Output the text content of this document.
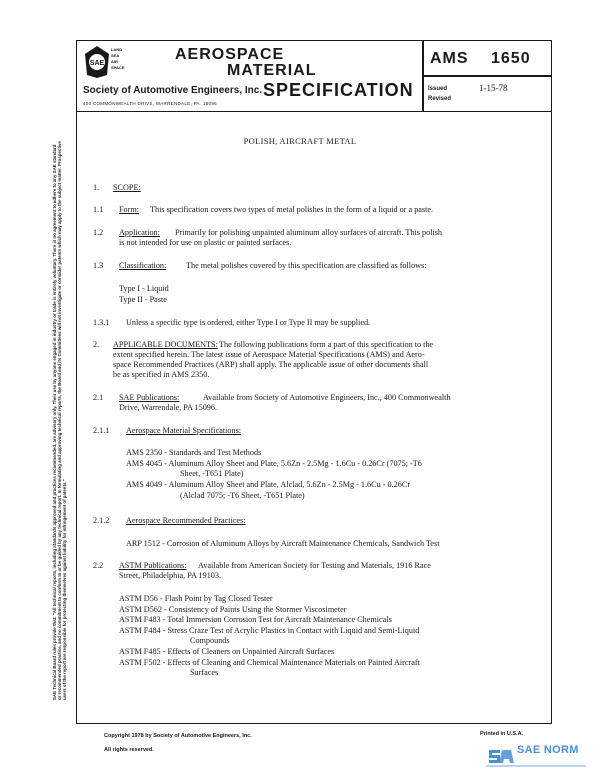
SAE
LAND
SEA
AIR
SPACE
AEROSPACE
MATERIAL
SPECIFICATION
Society of Automotive Engineers, Inc.
400 COMMONWEALTH DRIVE, WARRENDALE, PA. 15096
AMS 1650
Issued	1-15-78
Revised
POLISH, AIRCRAFT METAL
1. SCOPE:
1.1 Form: This specification covers two types of metal polishes in the form of a liquid or a paste.
1.2 Application: Primarily for polishing unpainted aluminum alloy surfaces of aircraft. This polish
is not intended for use on plastic or painted surfaces.
1.3 Classification: The metal polishes covered by this specification are classified as follows:
Type I - Liquid
Type II - Paste
1.3.1 Unless a specific type is ordered, either Type I or Type II may be supplied.
2. APPLICABLE DOCUMENTS: The following publications form a part of this specification to the
extent specified herein. The latest issue of Aerospace Material Specifications (AMS) and Aero-
space Recommended Practices (ARP) shall apply. The applicable issue of other documents shall
be as specified in AMS 2350.
2.1 SAE Publications:	Available from Society of Automotive Engineers, Inc., 400 Commonwealth
Drive, Warrendale, PA 15096.
2.1.1 Aerospace Material Specifications:
AMS 2350 - Standards and Test Methods
AMS 4045 - Aluminum Alloy Sheet and Plate, 5.6Zn - 2.5Mg - 1.6Cu - 0.26Cr (7075; -T6
Sheet, -T651 Plate)
AMS 4049 - Aluminum Alloy Sheet and Plate, Alclad, 5.6Zn - 2.5Mg - 1.6Cu - 0.26Cr
(Alclad 7075; -T6 Sheet, -T651 Plate)
2.1.2 Aerospace Recommended Practices:
ARP 1512 - Corrosion of Aluminum Alloys by Aircraft Maintenance Chemicals, Sandwich Test
2.2 ASTM Publications: Available from American Society for Testing and Materials, 1916 Race
Street, Philadelphia, PA 19103.
ASTM D56 - Flash Point by Tag Closed Tester
ASTM D562 - Consistency of Paints Using the Stormer Viscosimeter
ASTM F483 - Total Immersion Corrosion Test for Aircraft Maintenance Chemicals
ASTM F484 - Stress Craze Test of Acrylic Plastics in Contact with Liquid and Semi-Liquid
Compounds
ASTM F485 - Effects of Cleaners on Unpainted Aircraft Surfaces
ASTM F502 - Effects of Cleaning and Chemical Maintenance Materials on Painted Aircraft
Surfaces
SAE Technical Board rules provide that: "All technical reports, including standards approved and practices recommended, are advisory only. Their use by anyone engaged in industry or trade is entirely voluntary. There is no agreement to adhere to any SAE standard or recommended practice, and no commitment to conform to or be guided by any technical report. In formulating and approving technical reports, the Board and its Committees will not investigate or consider patents which may apply to the subject matter. Prospective users of the report are responsible for protecting themselves against liability for infringement of patents."
Copyright 1978 by Society of Automotive Engineers, Inc.
All rights reserved.
Printed in U.S.A.
SAE NORM
